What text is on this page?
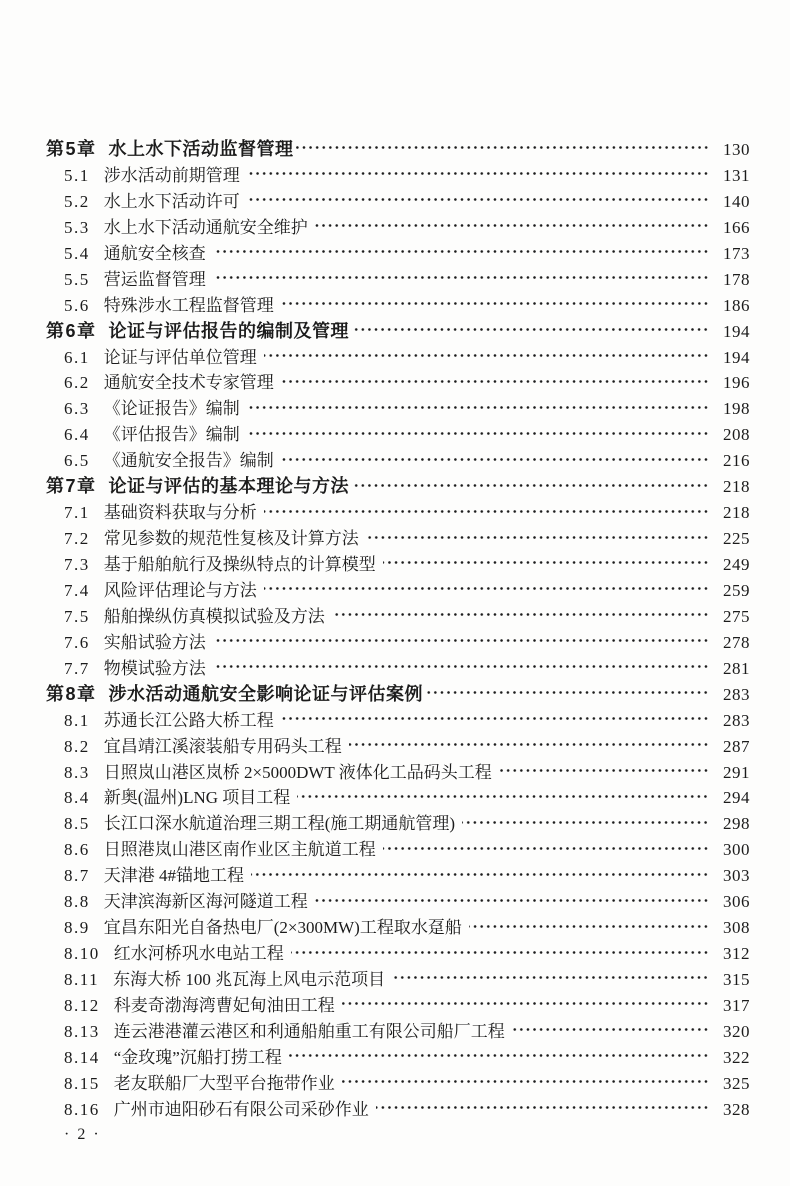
第5章 水上水下活动监督管理	130
5.1 涉水活动前期管理	131
5.2 水上水下活动许可	140
5.3 水上水下活动通航安全维护	166
5.4 通航安全核查	173
5.5 营运监督管理	178
5.6 特殊涉水工程监督管理	186
第6章 论证与评估报告的编制及管理	194
6.1 论证与评估单位管理	194
6.2 通航安全技术专家管理	196
6.3 《论证报告》编制	198
6.4 《评估报告》编制	208
6.5 《通航安全报告》编制	216
第7章 论证与评估的基本理论与方法	218
7.1 基础资料获取与分析	218
7.2 常见参数的规范性复核及计算方法	225
7.3 基于船舶航行及操纵特点的计算模型	249
7.4 风险评估理论与方法	259
7.5 船舶操纵仿真模拟试验及方法	275
7.6 实船试验方法	278
7.7 物模试验方法	281
第8章 涉水活动通航安全影响论证与评估案例	283
8.1 苏通长江公路大桥工程	283
8.2 宜昌靖江溪滚装船专用码头工程	287
8.3 日照岚山港区岚桥 2×5000DWT 液体化工品码头工程	291
8.4 新奥(温州)LNG 项目工程	294
8.5 长江口深水航道治理三期工程(施工期通航管理)	298
8.6 日照港岚山港区南作业区主航道工程	300
8.7 天津港 4#锚地工程	303
8.8 天津滨海新区海河隧道工程	306
8.9 宜昌东阳光自备热电厂(2×300MW)工程取水趸船	308
8.10 红水河桥巩水电站工程	312
8.11 东海大桥 100 兆瓦海上风电示范项目	315
8.12 科麦奇渤海湾曹妃甸油田工程	317
8.13 连云港港灌云港区和利通船舶重工有限公司船厂工程	320
8.14 “金玫瑰”沉船打捞工程	322
8.15 老友联船厂大型平台拖带作业	325
8.16 广州市迪阳砂石有限公司采砂作业	328
· 2 ·
